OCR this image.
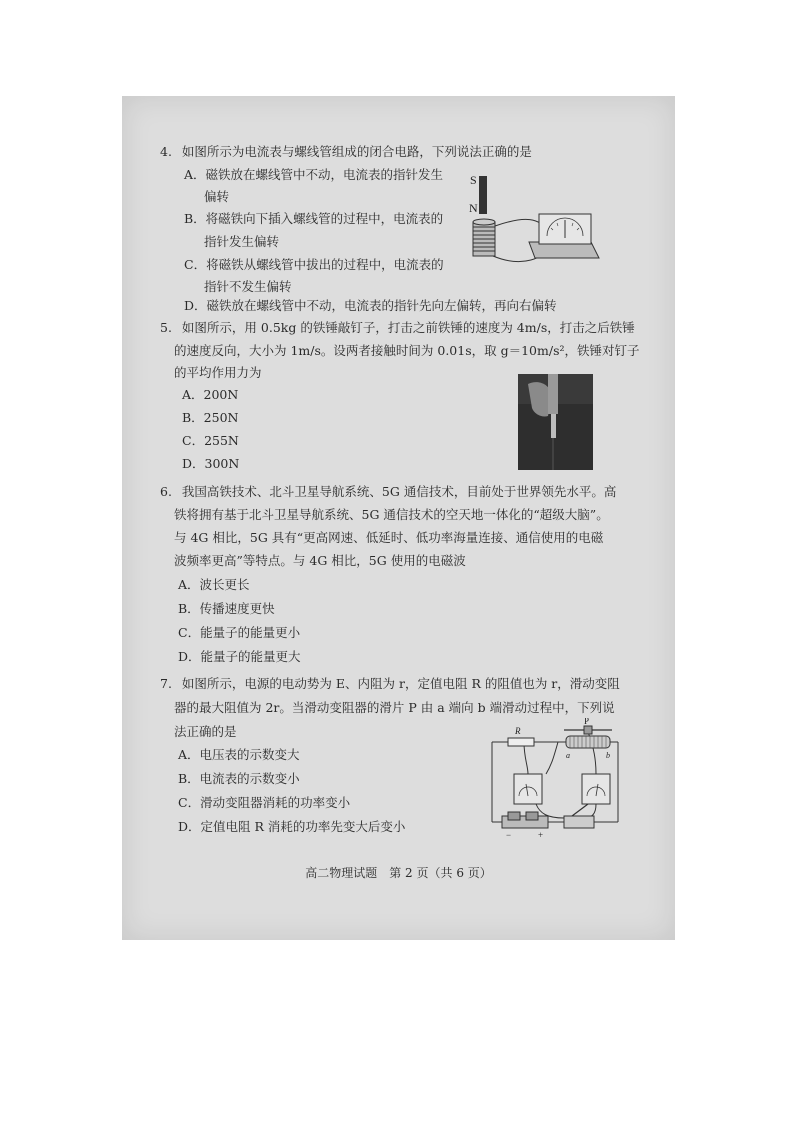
4. 如图所示为电流表与螺线管组成的闭合电路，下列说法正确的是
A．磁铁放在螺线管中不动，电流表的指针发生
偏转
B．将磁铁向下插入螺线管的过程中，电流表的
指针发生偏转
C．将磁铁从螺线管中拔出的过程中，电流表的
指针不发生偏转
D．磁铁放在螺线管中不动，电流表的指针先向左偏转，再向右偏转
S
N
5. 如图所示，用 0.5kg 的铁锤敲钉子，打击之前铁锤的速度为 4m/s，打击之后铁锤
的速度反向，大小为 1m/s。设两者接触时间为 0.01s，取 g＝10m/s²，铁锤对钉子
的平均作用力为
A．200N
B．250N
C．255N
D．300N
6. 我国高铁技术、北斗卫星导航系统、5G 通信技术，目前处于世界领先水平。高
铁将拥有基于北斗卫星导航系统、5G 通信技术的空天地一体化的“超级大脑”。
与 4G 相比，5G 具有“更高网速、低延时、低功率海量连接、通信使用的电磁
波频率更高”等特点。与 4G 相比，5G 使用的电磁波
A．波长更长
B．传播速度更快
C．能量子的能量更小
D．能量子的能量更大
7. 如图所示，电源的电动势为 E、内阻为 r，定值电阻 R 的阻值也为 r，滑动变阻
器的最大阻值为 2r。当滑动变阻器的滑片 P 由 a 端向 b 端滑动过程中，下列说
法正确的是
A．电压表的示数变大
B．电流表的示数变小
C．滑动变阻器消耗的功率变小
D．定值电阻 R 消耗的功率先变大后变小
R
P
a	b
−	+
高二物理试题　第 2 页（共 6 页）
